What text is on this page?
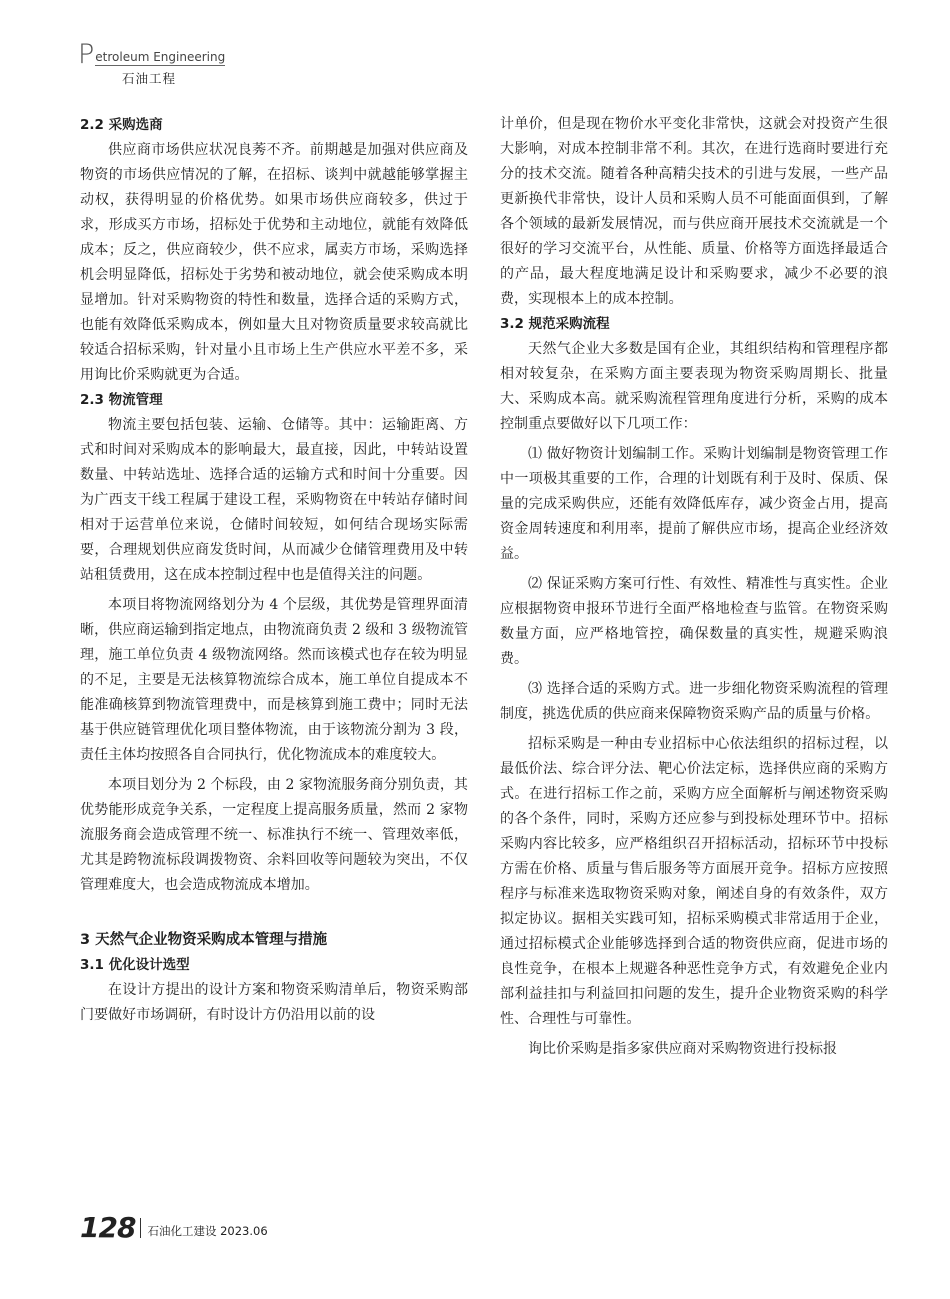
P etroleum Engineering
石油工程
2.2 采购选商

供应商市场供应状况良莠不齐。前期越是加强对供应商及物资的市场供应情况的了解，在招标、谈判中就越能够掌握主动权，获得明显的价格优势。如果市场供应商较多，供过于求，形成买方市场，招标处于优势和主动地位，就能有效降低成本；反之，供应商较少，供不应求，属卖方市场，采购选择机会明显降低，招标处于劣势和被动地位，就会使采购成本明显增加。针对采购物资的特性和数量，选择合适的采购方式，也能有效降低采购成本，例如量大且对物资质量要求较高就比较适合招标采购，针对量小且市场上生产供应水平差不多，采用询比价采购就更为合适。

2.3 物流管理

物流主要包括包装、运输、仓储等。其中：运输距离、方式和时间对采购成本的影响最大，最直接，因此，中转站设置数量、中转站选址、选择合适的运输方式和时间十分重要。因为广西支干线工程属于建设工程，采购物资在中转站存储时间相对于运营单位来说，仓储时间较短，如何结合现场实际需要，合理规划供应商发货时间，从而减少仓储管理费用及中转站租赁费用，这在成本控制过程中也是值得关注的问题。

本项目将物流网络划分为 4 个层级，其优势是管理界面清晰，供应商运输到指定地点，由物流商负责 2 级和 3 级物流管理，施工单位负责 4 级物流网络。然而该模式也存在较为明显的不足，主要是无法核算物流综合成本，施工单位自提成本不能准确核算到物流管理费中，而是核算到施工费中；同时无法基于供应链管理优化项目整体物流，由于该物流分割为 3 段，责任主体均按照各自合同执行，优化物流成本的难度较大。

本项目划分为 2 个标段，由 2 家物流服务商分别负责，其优势能形成竞争关系，一定程度上提高服务质量，然而 2 家物流服务商会造成管理不统一、标准执行不统一、管理效率低，尤其是跨物流标段调拨物资、余料回收等问题较为突出，不仅管理难度大，也会造成物流成本增加。

3 天然气企业物资采购成本管理与措施
3.1 优化设计选型

在设计方提出的设计方案和物资采购清单后，物资采购部门要做好市场调研，有时设计方仍沿用以前的设

计单价，但是现在物价水平变化非常快，这就会对投资产生很大影响，对成本控制非常不利。其次，在进行选商时要进行充分的技术交流。随着各种高精尖技术的引进与发展，一些产品更新换代非常快，设计人员和采购人员不可能面面俱到，了解各个领域的最新发展情况，而与供应商开展技术交流就是一个很好的学习交流平台，从性能、质量、价格等方面选择最适合的产品，最大程度地满足设计和采购要求，减少不必要的浪费，实现根本上的成本控制。

3.2 规范采购流程

天然气企业大多数是国有企业，其组织结构和管理程序都相对较复杂，在采购方面主要表现为物资采购周期长、批量大、采购成本高。就采购流程管理角度进行分析，采购的成本控制重点要做好以下几项工作：

⑴ 做好物资计划编制工作。采购计划编制是物资管理工作中一项极其重要的工作，合理的计划既有利于及时、保质、保量的完成采购供应，还能有效降低库存，减少资金占用，提高资金周转速度和利用率，提前了解供应市场，提高企业经济效益。

⑵ 保证采购方案可行性、有效性、精准性与真实性。企业应根据物资申报环节进行全面严格地检查与监管。在物资采购数量方面，应严格地管控，确保数量的真实性，规避采购浪费。

⑶ 选择合适的采购方式。进一步细化物资采购流程的管理制度，挑选优质的供应商来保障物资采购产品的质量与价格。

招标采购是一种由专业招标中心依法组织的招标过程，以最低价法、综合评分法、靶心价法定标，选择供应商的采购方式。在进行招标工作之前，采购方应全面解析与阐述物资采购的各个条件，同时，采购方还应参与到投标处理环节中。招标采购内容比较多，应严格组织召开招标活动，招标环节中投标方需在价格、质量与售后服务等方面展开竞争。招标方应按照程序与标准来选取物资采购对象，阐述自身的有效条件，双方拟定协议。据相关实践可知，招标采购模式非常适用于企业，通过招标模式企业能够选择到合适的物资供应商，促进市场的良性竞争，在根本上规避各种恶性竞争方式，有效避免企业内部利益挂扣与利益回扣问题的发生，提升企业物资采购的科学性、合理性与可靠性。

询比价采购是指多家供应商对采购物资进行投标报

128 石油化工建设 2023.06
